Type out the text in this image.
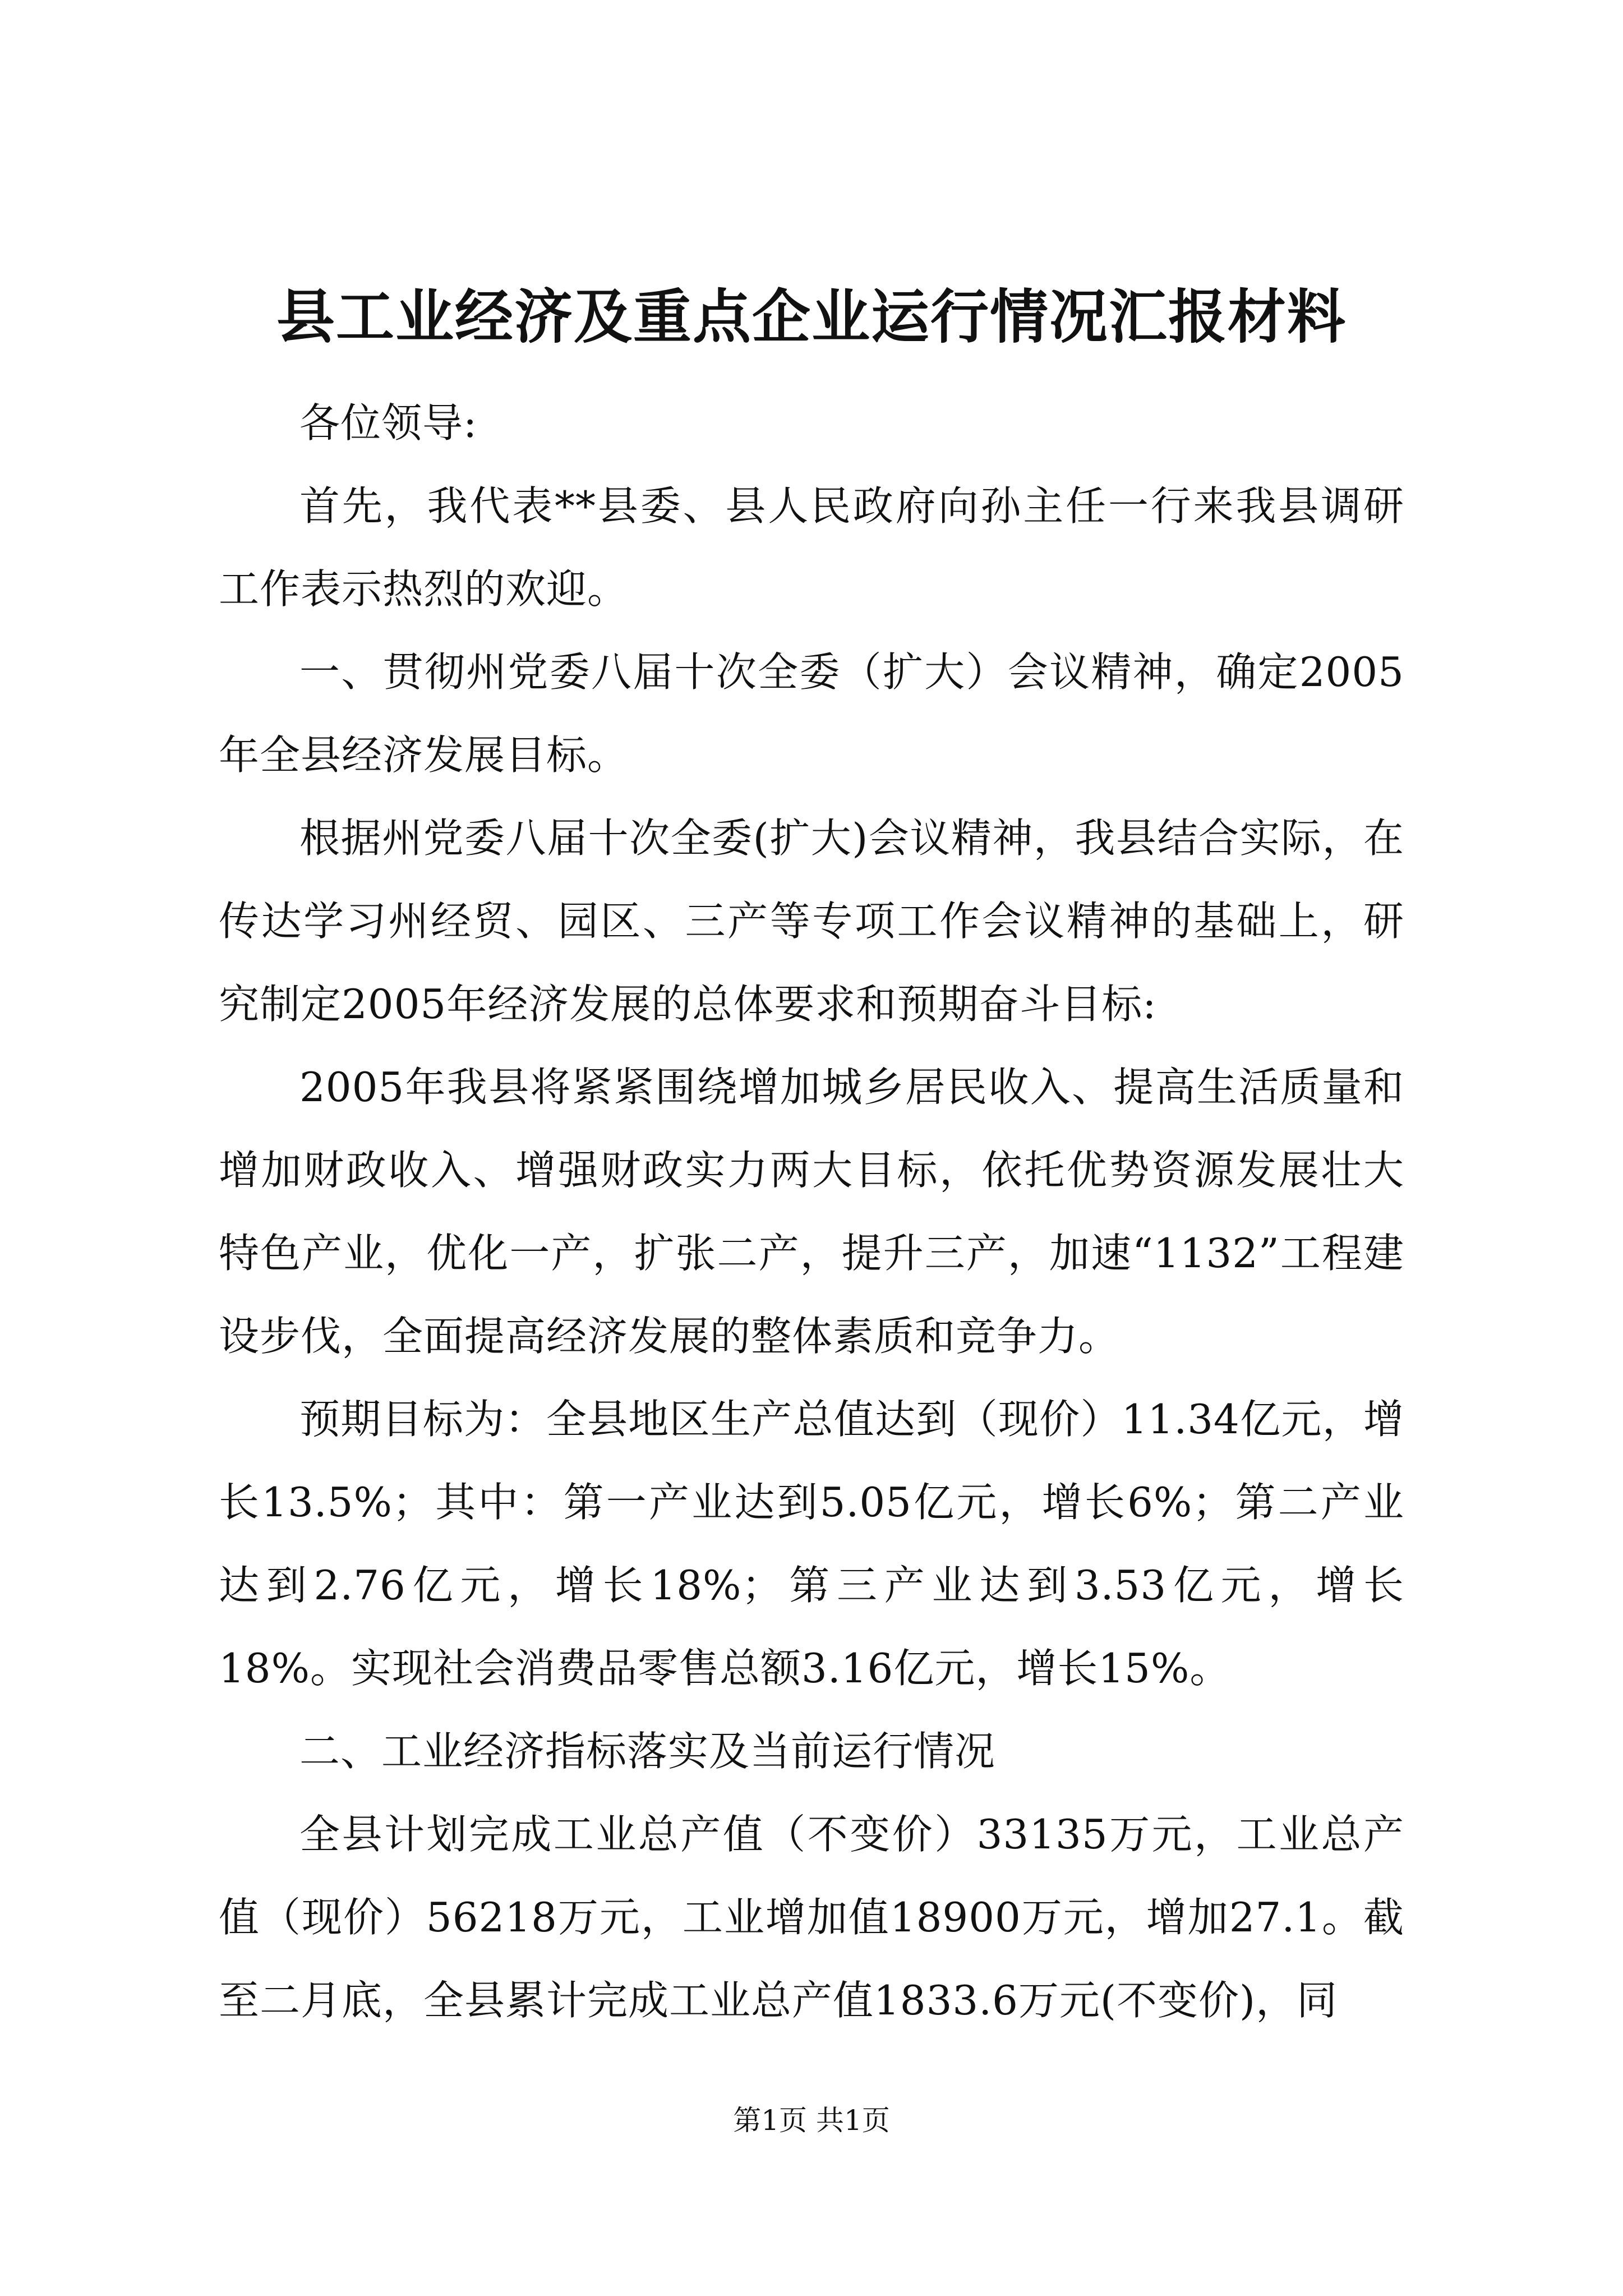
县工业经济及重点企业运行情况汇报材料

各位领导:

首先，我代表**县委、县人民政府向孙主任一行来我县调研工作表示热烈的欢迎。

一、贯彻州党委八届十次全委（扩大）会议精神，确定2005年全县经济发展目标。

根据州党委八届十次全委(扩大)会议精神，我县结合实际，在传达学习州经贸、园区、三产等专项工作会议精神的基础上，研究制定2005年经济发展的总体要求和预期奋斗目标:

2005年我县将紧紧围绕增加城乡居民收入、提高生活质量和增加财政收入、增强财政实力两大目标，依托优势资源发展壮大特色产业，优化一产，扩张二产，提升三产，加速“1132”工程建设步伐，全面提高经济发展的整体素质和竞争力。

预期目标为：全县地区生产总值达到（现价）11.34亿元，增长13.5%；其中：第一产业达到5.05亿元，增长6%；第二产业达到2.76亿元，增长18%；第三产业达到3.53亿元，增长18%。实现社会消费品零售总额3.16亿元，增长15%。

二、工业经济指标落实及当前运行情况

全县计划完成工业总产值（不变价）33135万元，工业总产值（现价）56218万元，工业增加值18900万元，增加27.1。截至二月底，全县累计完成工业总产值1833.6万元(不变价)，同

第1页 共1页
